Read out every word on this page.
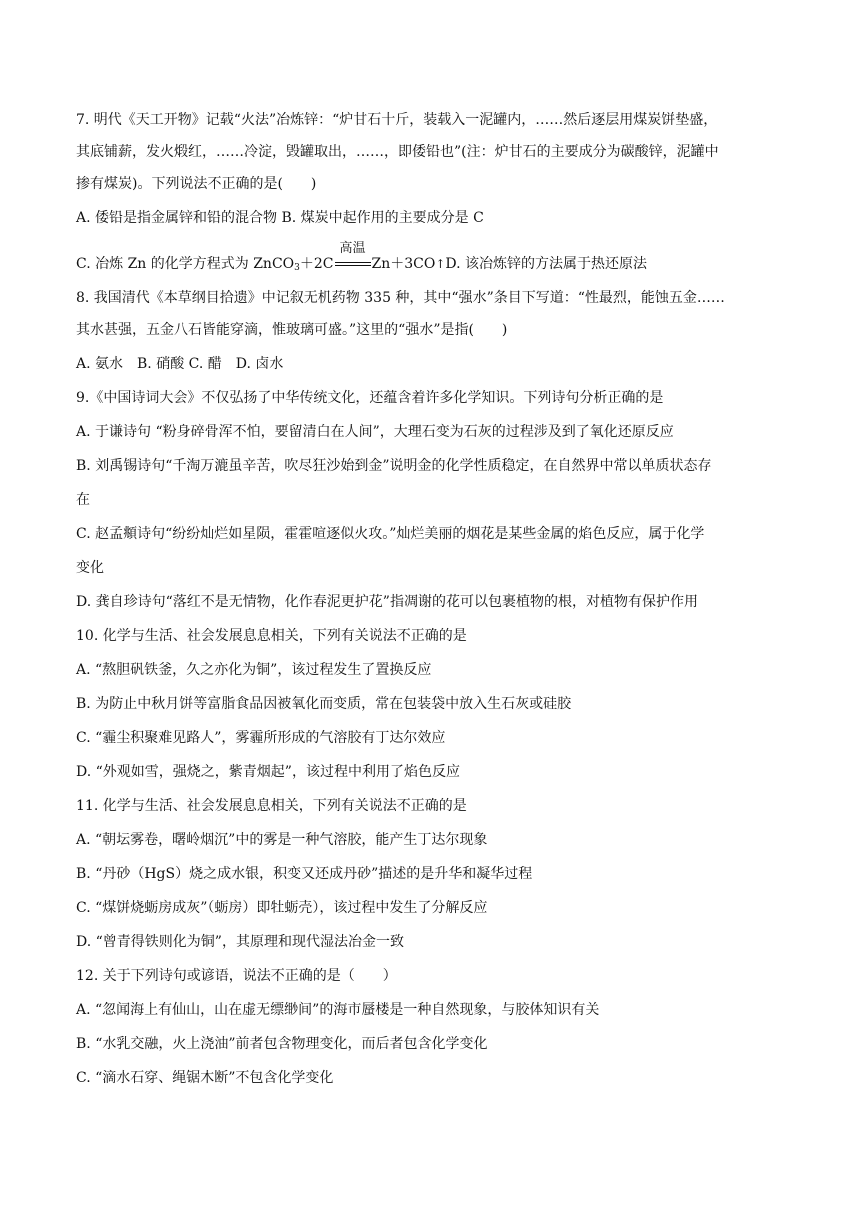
7. 明代《天工开物》记载“火法”冶炼锌：“炉甘石十斤，装载入一泥罐内，……然后逐层用煤炭饼垫盛，
其底铺薪，发火煅红，……冷淀，毁罐取出，……，即倭铅也”(注：炉甘石的主要成分为碳酸锌，泥罐中
掺有煤炭)。下列说法不正确的是(　　)
A. 倭铅是指金属锌和铅的混合物 B. 煤炭中起作用的主要成分是 C
C. 冶炼 Zn 的化学方程式为 ZnCO$_3$＋2C
高温
Zn＋3CO↑D. 该冶炼锌的方法属于热还原法
8. 我国清代《本草纲目拾遗》中记叙无机药物 335 种，其中“强水”条目下写道：“性最烈，能蚀五金……
其水甚强，五金八石皆能穿滴，惟玻璃可盛。”这里的“强水”是指(　　)
A. 氨水　B. 硝酸 C. 醋　D. 卤水
9.《中国诗词大会》不仅弘扬了中华传统文化，还蕴含着许多化学知识。下列诗句分析正确的是
A. 于谦诗句 “粉身碎骨浑不怕，要留清白在人间”，大理石变为石灰的过程涉及到了氧化还原反应
B. 刘禹锡诗句“千淘万漉虽辛苦，吹尽狂沙始到金”说明金的化学性质稳定，在自然界中常以单质状态存
在
C. 赵孟頫诗句“纷纷灿烂如星陨，霍霍喧逐似火攻。”灿烂美丽的烟花是某些金属的焰色反应，属于化学
变化
D. 龚自珍诗句“落红不是无情物，化作春泥更护花”指凋谢的花可以包裹植物的根，对植物有保护作用
10. 化学与生活、社会发展息息相关，下列有关说法不正确的是
A. “熬胆矾铁釜，久之亦化为铜”，该过程发生了置换反应
B. 为防止中秋月饼等富脂食品因被氧化而变质，常在包装袋中放入生石灰或硅胶
C. “霾尘积聚难见路人”，雾霾所形成的气溶胶有丁达尔效应
D. “外观如雪，强烧之，紫青烟起”，该过程中利用了焰色反应
11. 化学与生活、社会发展息息相关，下列有关说法不正确的是
A. “朝坛雾卷，曙岭烟沉”中的雾是一种气溶胶，能产生丁达尔现象
B. “丹砂（HgS）烧之成水银，积变又还成丹砂”描述的是升华和凝华过程
C. “煤饼烧蛎房成灰”（蛎房）即牡蛎壳），该过程中发生了分解反应
D. “曾青得铁则化为铜”，其原理和现代湿法冶金一致
12. 关于下列诗句或谚语，说法不正确的是（　　）
A. “忽闻海上有仙山，山在虚无缥缈间”的海市蜃楼是一种自然现象，与胶体知识有关
B. “水乳交融，火上浇油”前者包含物理变化，而后者包含化学变化
C. “滴水石穿、绳锯木断”不包含化学变化
